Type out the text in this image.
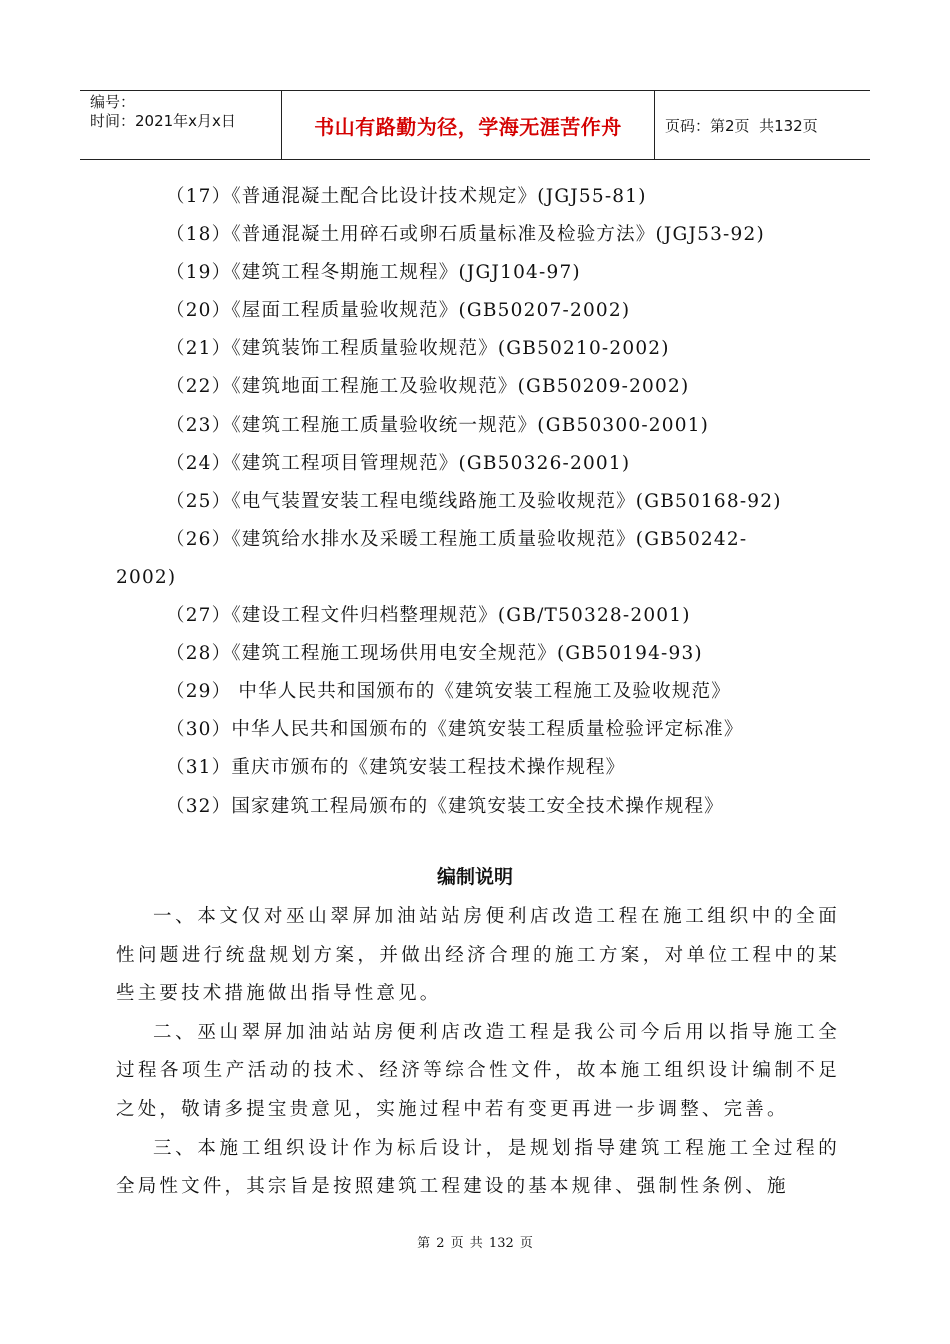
编号：
时间：2021年x月x日	书山有路勤为径，学海无涯苦作舟	页码：第2页  共132页
（17）《普通混凝土配合比设计技术规定》(JGJ55-81)
（18）《普通混凝土用碎石或卵石质量标准及检验方法》(JGJ53-92)
（19）《建筑工程冬期施工规程》(JGJ104-97)
（20）《屋面工程质量验收规范》(GB50207-2002)
（21）《建筑装饰工程质量验收规范》(GB50210-2002)
（22）《建筑地面工程施工及验收规范》(GB50209-2002)
（23）《建筑工程施工质量验收统一规范》(GB50300-2001)
（24）《建筑工程项目管理规范》(GB50326-2001)
（25）《电气装置安装工程电缆线路施工及验收规范》(GB50168-92)
（26）《建筑给水排水及采暖工程施工质量验收规范》(GB50242-
2002)
（27）《建设工程文件归档整理规范》(GB/T50328-2001)
（28）《建筑工程施工现场供用电安全规范》(GB50194-93)
（29） 中华人民共和国颁布的《建筑安装工程施工及验收规范》
（30）中华人民共和国颁布的《建筑安装工程质量检验评定标准》
（31）重庆市颁布的《建筑安装工程技术操作规程》
（32）国家建筑工程局颁布的《建筑安装工安全技术操作规程》
编制说明

一、本文仅对巫山翠屏加油站站房便利店改造工程在施工组织中的全面性问题进行统盘规划方案，并做出经济合理的施工方案，对单位工程中的某些主要技术措施做出指导性意见。

二、巫山翠屏加油站站房便利店改造工程是我公司今后用以指导施工全过程各项生产活动的技术、经济等综合性文件，故本施工组织设计编制不足之处，敬请多提宝贵意见，实施过程中若有变更再进一步调整、完善。

三、本施工组织设计作为标后设计，是规划指导建筑工程施工全过程的全局性文件，其宗旨是按照建筑工程建设的基本规律、强制性条例、施

第 2 页 共 132 页
